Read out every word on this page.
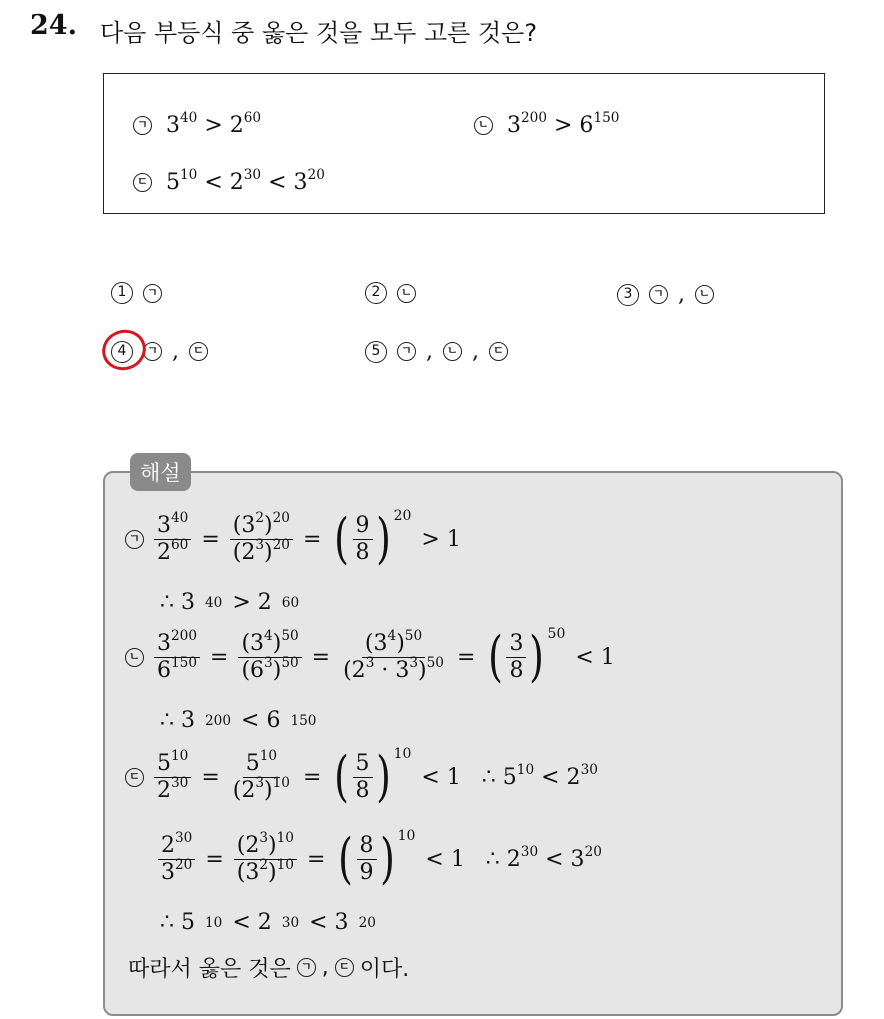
24. 다음 부등식 중 옳은 것을 모두 고른 것은?
ㄱ $3^{40} > 2^{60}$	ㄴ $3^{200} > 6^{150}$
ㄷ $5^{10} < 2^{30} < 3^{20}$
1	ㄱ	2	ㄴ	3	ㄱ ,	ㄴ
4	ㄱ ,	ㄷ	5	ㄱ ,	ㄴ ,	ㄷ
해설
ㄱ $\frac{3^{40}}{2^{60}} = \frac{(3^2)^{20}}{(2^3)^{20}}$ = ( $\frac{9}{8}$ ) 20
> 1
∴ 3 40 > 2 60
ㄴ $\frac{3^{200}}{6^{150}} = \frac{(3^4)^{50}}{(6^3)^{50}} = \frac{(3^4)^{50}}{(2^3 \cdot 3^3)^{50}}$ = ( $\frac{3}{8}$ ) 50
< 1
∴ 3 200 < 6 150
ㄷ $\frac{5^{10}}{2^{30}} = \frac{5^{10}}{(2^3)^{10}}$ = ( $\frac{5}{8}$ ) 10
< 1   ∴ $5^{10} < 2^{30}$
$\frac{2^{30}}{3^{20}} = \frac{(2^3)^{10}}{(3^2)^{10}}$ = ( $\frac{8}{9}$ ) 10
< 1   ∴ $2^{30} < 3^{20}$
∴ 5 10 < 2 30 < 3 20
따라서 옳은 것은 ㄱ , ㄷ 이다.
